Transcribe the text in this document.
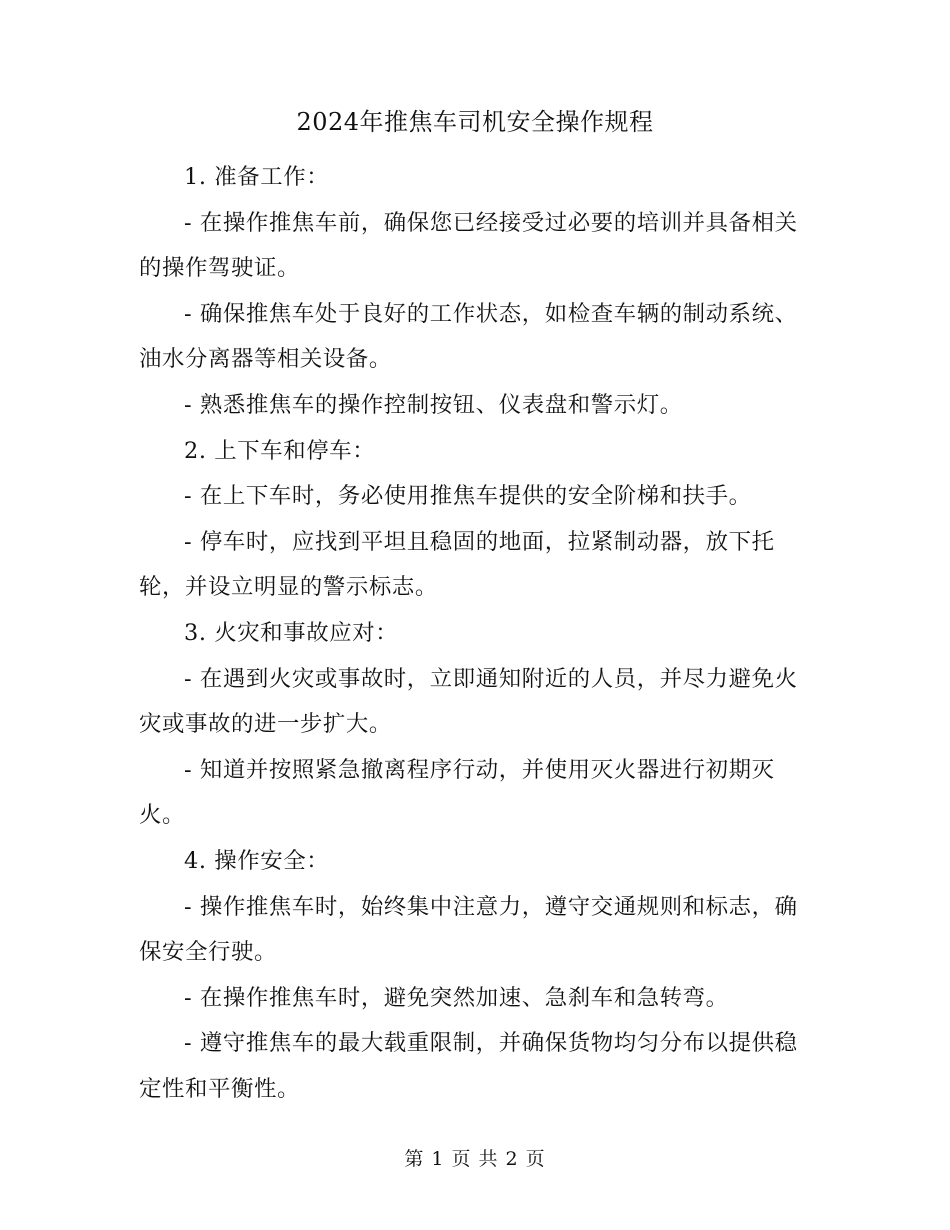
2024年推焦车司机安全操作规程

1. 准备工作：

- 在操作推焦车前，确保您已经接受过必要的培训并具备相关的操作驾驶证。

- 确保推焦车处于良好的工作状态，如检查车辆的制动系统、油水分离器等相关设备。

- 熟悉推焦车的操作控制按钮、仪表盘和警示灯。

2. 上下车和停车：

- 在上下车时，务必使用推焦车提供的安全阶梯和扶手。

- 停车时，应找到平坦且稳固的地面，拉紧制动器，放下托轮，并设立明显的警示标志。

3. 火灾和事故应对：

- 在遇到火灾或事故时，立即通知附近的人员，并尽力避免火灾或事故的进一步扩大。

- 知道并按照紧急撤离程序行动，并使用灭火器进行初期灭火。

4. 操作安全：

- 操作推焦车时，始终集中注意力，遵守交通规则和标志，确保安全行驶。

- 在操作推焦车时，避免突然加速、急刹车和急转弯。

- 遵守推焦车的最大载重限制，并确保货物均匀分布以提供稳定性和平衡性。

第 1 页 共 2 页
